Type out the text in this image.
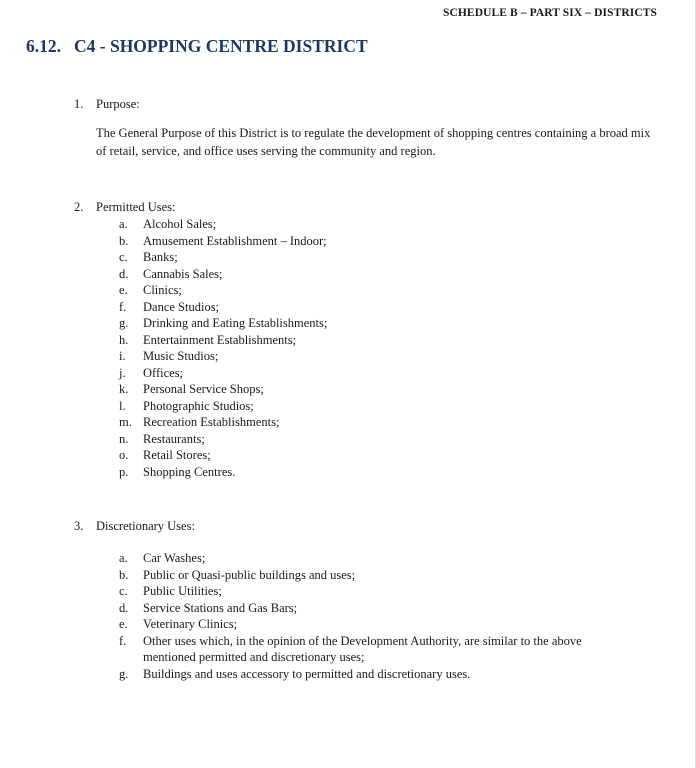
SCHEDULE B – PART SIX – DISTRICTS
6.12. C4 - SHOPPING CENTRE DISTRICT
1. Purpose:
The General Purpose of this District is to regulate the development of shopping centres containing a broad mix of retail, service, and office uses serving the community and region.
2. Permitted Uses:
a. Alcohol Sales;
b. Amusement Establishment – Indoor;
c. Banks;
d. Cannabis Sales;
e. Clinics;
f. Dance Studios;
g. Drinking and Eating Establishments;
h. Entertainment Establishments;
i. Music Studios;
j. Offices;
k. Personal Service Shops;
l. Photographic Studios;
m. Recreation Establishments;
n. Restaurants;
o. Retail Stores;
p. Shopping Centres.
3. Discretionary Uses:
a. Car Washes;
b. Public or Quasi-public buildings and uses;
c. Public Utilities;
d. Service Stations and Gas Bars;
e. Veterinary Clinics;
f. Other uses which, in the opinion of the Development Authority, are similar to the above mentioned permitted and discretionary uses;
g. Buildings and uses accessory to permitted and discretionary uses.
